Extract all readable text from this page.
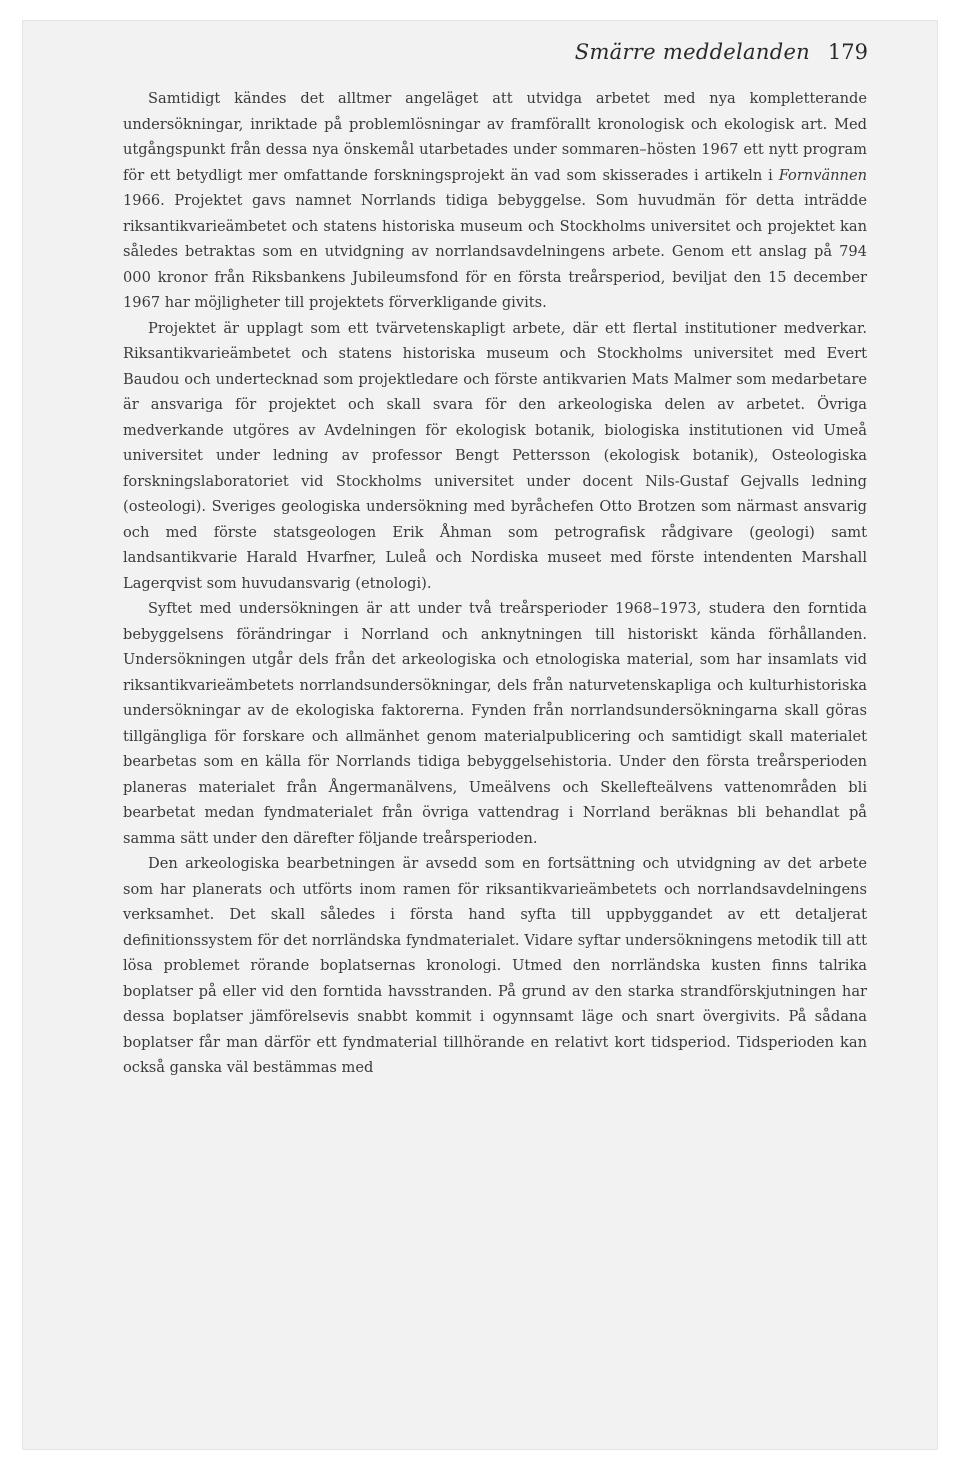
Smärre meddelanden 179

Samtidigt kändes det alltmer angeläget att utvidga arbetet med nya kompletterande undersökningar, inriktade på problemlösningar av framförallt kronologisk och ekologisk art. Med utgångspunkt från dessa nya önskemål utarbetades under sommaren–hösten 1967 ett nytt program för ett betydligt mer omfattande forskningsprojekt än vad som skisserades i artikeln i Fornvännen 1966. Projektet gavs namnet Norrlands tidiga bebyggelse. Som huvudmän för detta inträdde riksantikvarieämbetet och statens historiska museum och Stockholms universitet och projektet kan således betraktas som en utvidgning av norrlandsavdelningens arbete. Genom ett anslag på 794 000 kronor från Riksbankens Jubileumsfond för en första treårsperiod, beviljat den 15 december 1967 har möjligheter till projektets förverkligande givits.

Projektet är upplagt som ett tvärvetenskapligt arbete, där ett flertal institutioner medverkar. Riksantikvarieämbetet och statens historiska museum och Stockholms universitet med Evert Baudou och undertecknad som projektledare och förste antikvarien Mats Malmer som medarbetare är ansvariga för projektet och skall svara för den arkeologiska delen av arbetet. Övriga medverkande utgöres av Avdelningen för ekologisk botanik, biologiska institutionen vid Umeå universitet under ledning av professor Bengt Pettersson (ekologisk botanik), Osteologiska forskningslaboratoriet vid Stockholms universitet under docent Nils-Gustaf Gejvalls ledning (osteologi). Sveriges geologiska undersökning med byråchefen Otto Brotzen som närmast ansvarig och med förste statsgeologen Erik Åhman som petrografisk rådgivare (geologi) samt landsantikvarie Harald Hvarfner, Luleå och Nordiska museet med förste intendenten Marshall Lagerqvist som huvudansvarig (etnologi).

Syftet med undersökningen är att under två treårsperioder 1968–1973, studera den forntida bebyggelsens förändringar i Norrland och anknytningen till historiskt kända förhållanden. Undersökningen utgår dels från det arkeologiska och etnologiska material, som har insamlats vid riksantikvarieämbetets norrlandsundersökningar, dels från naturvetenskapliga och kulturhistoriska undersökningar av de ekologiska faktorerna. Fynden från norrlandsundersökningarna skall göras tillgängliga för forskare och allmänhet genom materialpublicering och samtidigt skall materialet bearbetas som en källa för Norrlands tidiga bebyggelsehistoria. Under den första treårsperioden planeras materialet från Ångermanälvens, Umeälvens och Skellefteälvens vattenområden bli bearbetat medan fyndmaterialet från övriga vattendrag i Norrland beräknas bli behandlat på samma sätt under den därefter följande treårsperioden.

Den arkeologiska bearbetningen är avsedd som en fortsättning och utvidgning av det arbete som har planerats och utförts inom ramen för riksantikvarieämbetets och norrlandsavdelningens verksamhet. Det skall således i första hand syfta till uppbyggandet av ett detaljerat definitionssystem för det norrländska fyndmaterialet. Vidare syftar undersökningens metodik till att lösa problemet rörande boplatsernas kronologi. Utmed den norrländska kusten finns talrika boplatser på eller vid den forntida havsstranden. På grund av den starka strandförskjutningen har dessa boplatser jämförelsevis snabbt kommit i ogynnsamt läge och snart övergivits. På sådana boplatser får man därför ett fyndmaterial tillhörande en relativt kort tidsperiod. Tidsperioden kan också ganska väl bestämmas med
